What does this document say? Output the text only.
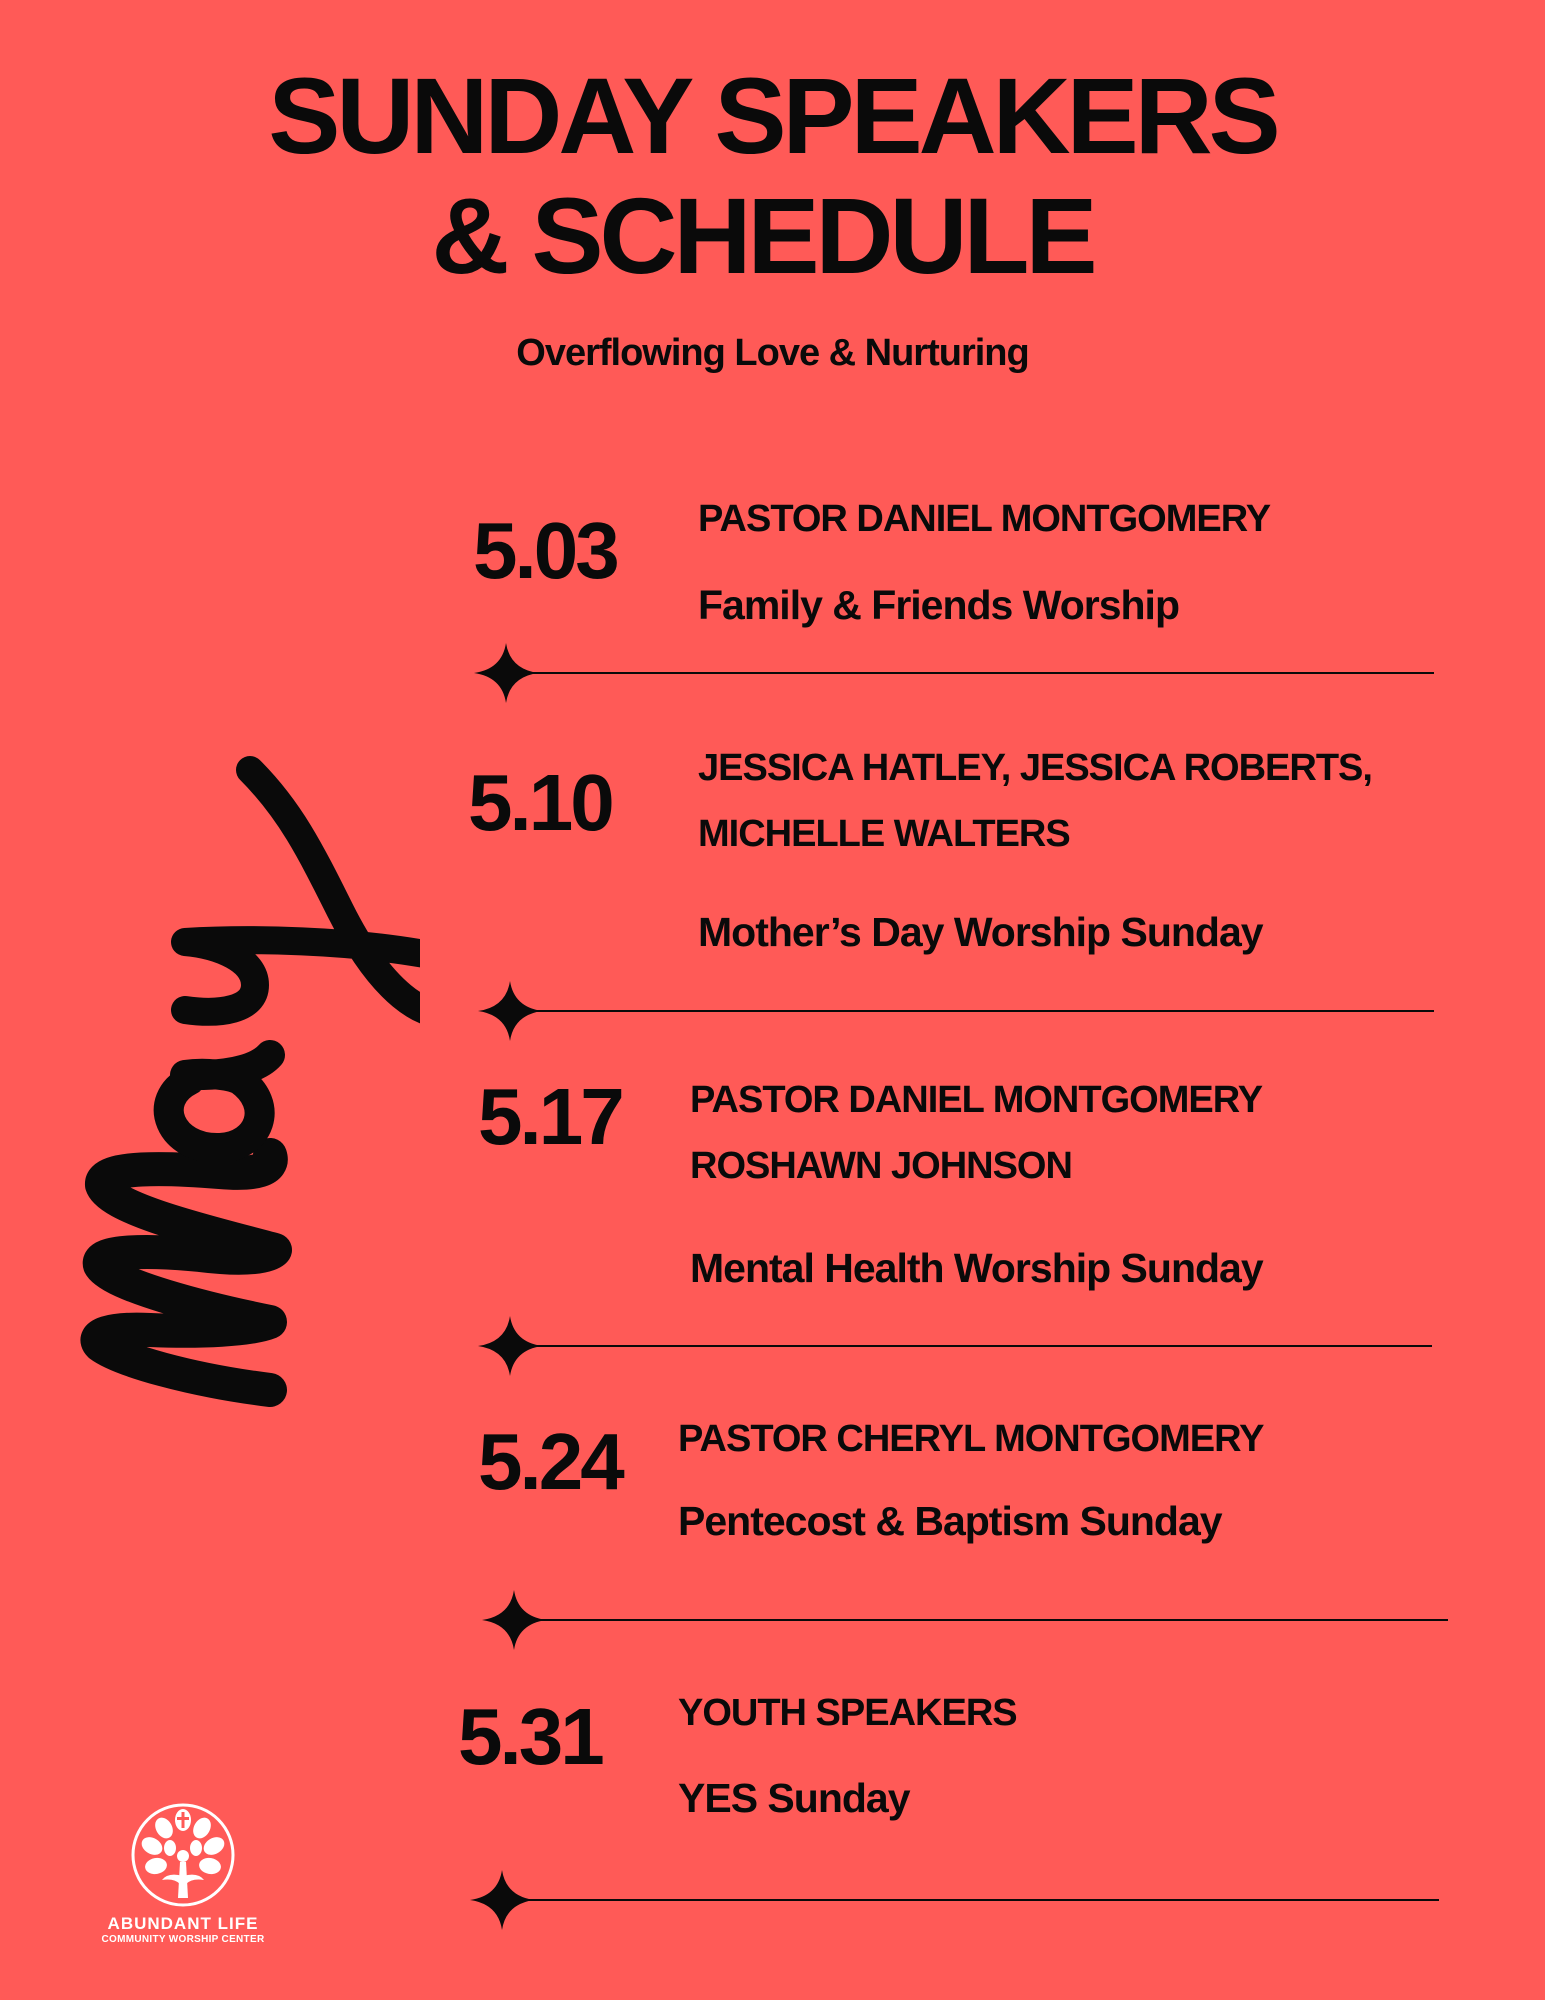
SUNDAY SPEAKERS
& SCHEDULE
Overflowing Love & Nurturing
5.03 PASTOR DANIEL MONTGOMERY
Family & Friends Worship
5.10 JESSICA HATLEY, JESSICA ROBERTS,
MICHELLE WALTERS
Mother’s Day Worship Sunday
5.17 PASTOR DANIEL MONTGOMERY
ROSHAWN JOHNSON
Mental Health Worship Sunday
5.24 PASTOR CHERYL MONTGOMERY
Pentecost & Baptism Sunday
5.31 YOUTH SPEAKERS
YES Sunday
ABUNDANT LIFE
COMMUNITY WORSHIP CENTER
